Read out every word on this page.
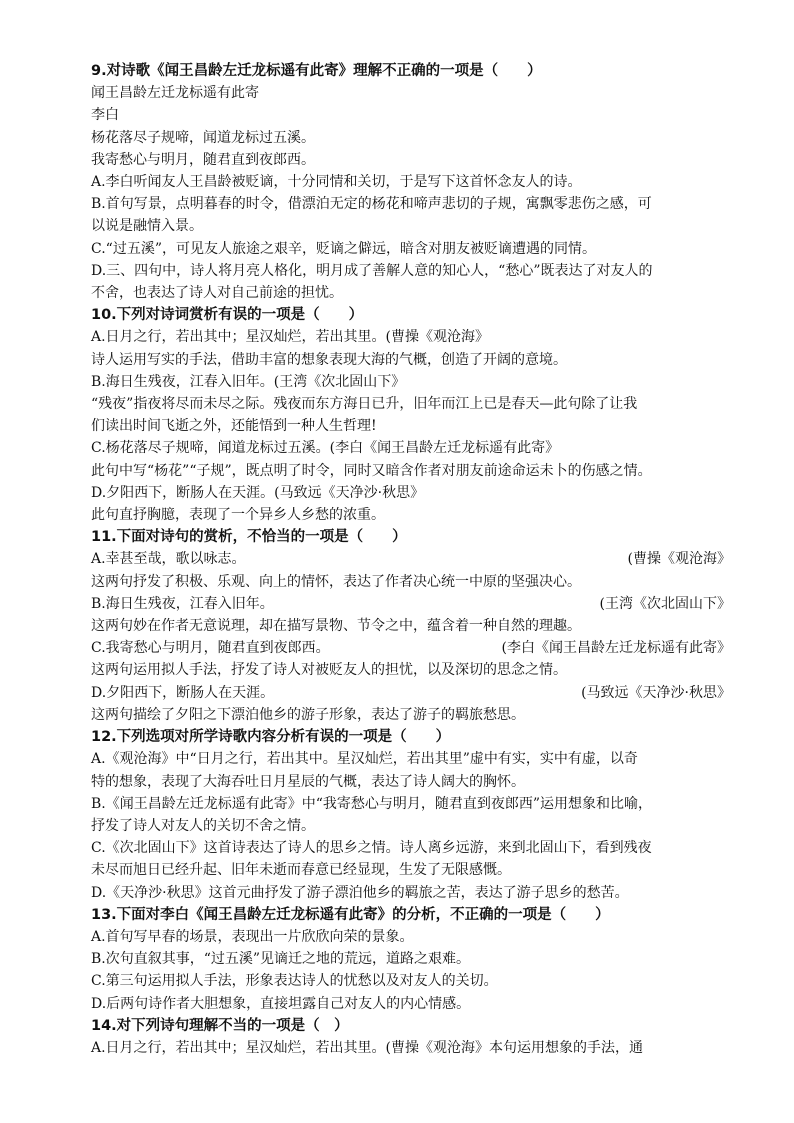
9.对诗歌《闻王昌龄左迁龙标遥有此寄》理解不正确的一项是（　　）

闻王昌龄左迁龙标遥有此寄

李白

杨花落尽子规啼，闻道龙标过五溪。

我寄愁心与明月，随君直到夜郎西。

A.李白听闻友人王昌龄被贬谪，十分同情和关切，于是写下这首怀念友人的诗。

B.首句写景，点明暮春的时令，借漂泊无定的杨花和啼声悲切的子规，寓飘零悲伤之感，可

以说是融情入景。

C.“过五溪”，可见友人旅途之艰辛，贬谪之僻远，暗含对朋友被贬谪遭遇的同情。

D.三、四句中，诗人将月亮人格化，明月成了善解人意的知心人，“愁心”既表达了对友人的

不舍，也表达了诗人对自己前途的担忧。

10.下列对诗词赏析有误的一项是（　　）

A.日月之行，若出其中；星汉灿烂，若出其里。(曹操《观沧海》

诗人运用写实的手法，借助丰富的想象表现大海的气概，创造了开阔的意境。

B.海日生残夜，江春入旧年。(王湾《次北固山下》

“残夜”指夜将尽而未尽之际。残夜而东方海日已升，旧年而江上已是春天—此句除了让我

们读出时间飞逝之外，还能悟到一种人生哲理!

C.杨花落尽子规啼，闻道龙标过五溪。(李白《闻王昌龄左迁龙标遥有此寄》

此句中写“杨花”“子规”，既点明了时令，同时又暗含作者对朋友前途命运未卜的伤感之情。

D.夕阳西下，断肠人在天涯。(马致远《天净沙·秋思》

此句直抒胸臆，表现了一个异乡人乡愁的浓重。

11.下面对诗句的赏析，不恰当的一项是（　　）

A.幸甚至哉，歌以咏志。	(曹操《观沧海》

这两句抒发了积极、乐观、向上的情怀，表达了作者决心统一中原的坚强决心。

B.海日生残夜，江春入旧年。	(王湾《次北固山下》

这两句妙在作者无意说理，却在描写景物、节令之中，蕴含着一种自然的理趣。

C.我寄愁心与明月，随君直到夜郎西。	(李白《闻王昌龄左迁龙标遥有此寄》

这两句运用拟人手法，抒发了诗人对被贬友人的担忧，以及深切的思念之情。

D.夕阳西下，断肠人在天涯。	(马致远《天净沙·秋思》

这两句描绘了夕阳之下漂泊他乡的游子形象，表达了游子的羁旅愁思。

12.下列选项对所学诗歌内容分析有误的一项是（　　）

A.《观沧海》中“日月之行，若出其中。星汉灿烂，若出其里”虚中有实，实中有虚，以奇

特的想象，表现了大海吞吐日月星辰的气概，表达了诗人阔大的胸怀。

B.《闻王昌龄左迁龙标遥有此寄》中“我寄愁心与明月，随君直到夜郎西”运用想象和比喻，

抒发了诗人对友人的关切不舍之情。

C.《次北固山下》这首诗表达了诗人的思乡之情。诗人离乡远游，来到北固山下，看到残夜

未尽而旭日已经升起、旧年未逝而春意已经显现，生发了无限感慨。

D.《天净沙·秋思》这首元曲抒发了游子漂泊他乡的羁旅之苦，表达了游子思乡的愁苦。

13.下面对李白《闻王昌龄左迁龙标遥有此寄》的分析，不正确的一项是（　　）

A.首句写早春的场景，表现出一片欣欣向荣的景象。

B.次句直叙其事，“过五溪”见谪迁之地的荒远，道路之艰难。

C.第三句运用拟人手法，形象表达诗人的忧愁以及对友人的关切。

D.后两句诗作者大胆想象，直接坦露自己对友人的内心情感。

14.对下列诗句理解不当的一项是（　）

A.日月之行，若出其中；星汉灿烂，若出其里。(曹操《观沧海》本句运用想象的手法，通
